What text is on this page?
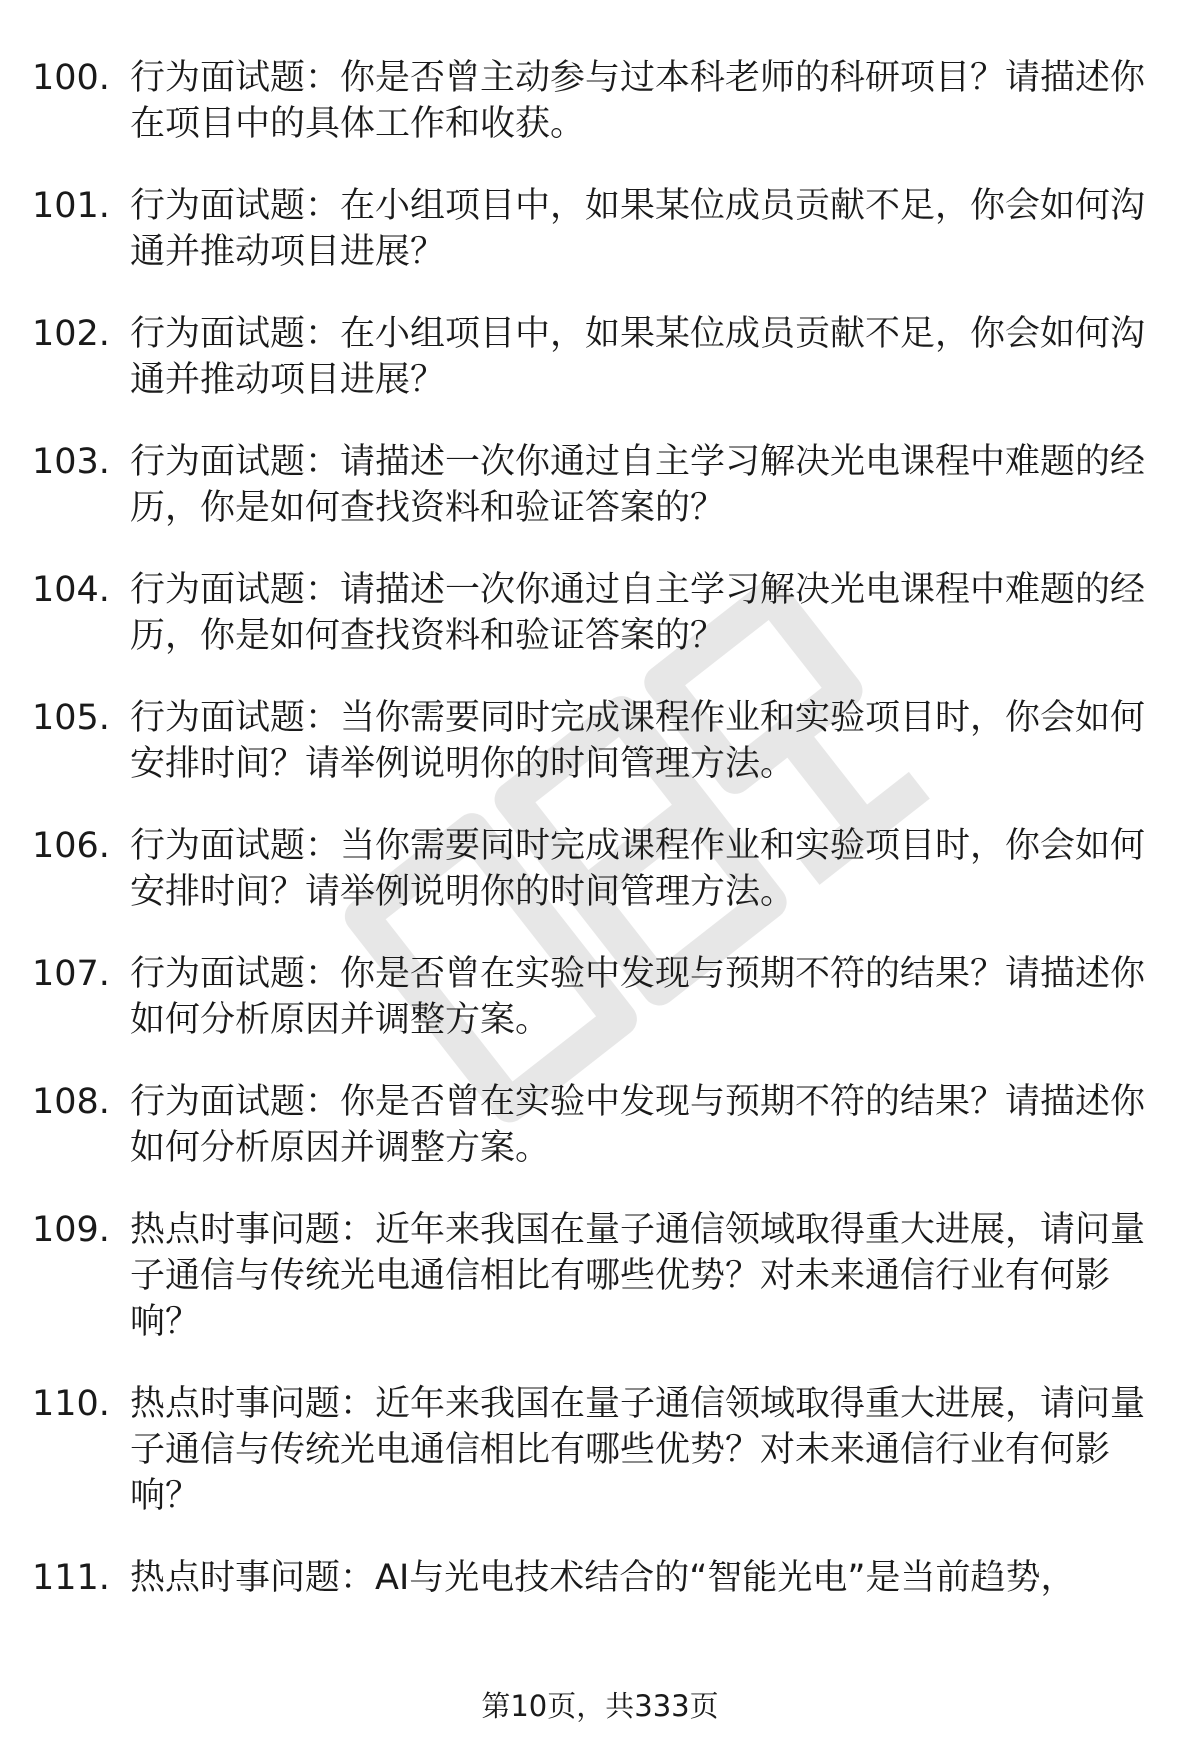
100. 行为面试题：你是否曾主动参与过本科老师的科研项目？请描述你在项目中的具体工作和收获。
101. 行为面试题：在小组项目中，如果某位成员贡献不足，你会如何沟通并推动项目进展？
102. 行为面试题：在小组项目中，如果某位成员贡献不足，你会如何沟通并推动项目进展？
103. 行为面试题：请描述一次你通过自主学习解决光电课程中难题的经历，你是如何查找资料和验证答案的？
104. 行为面试题：请描述一次你通过自主学习解决光电课程中难题的经历，你是如何查找资料和验证答案的？
105. 行为面试题：当你需要同时完成课程作业和实验项目时，你会如何安排时间？请举例说明你的时间管理方法。
106. 行为面试题：当你需要同时完成课程作业和实验项目时，你会如何安排时间？请举例说明你的时间管理方法。
107. 行为面试题：你是否曾在实验中发现与预期不符的结果？请描述你如何分析原因并调整方案。
108. 行为面试题：你是否曾在实验中发现与预期不符的结果？请描述你如何分析原因并调整方案。
109. 热点时事问题：近年来我国在量子通信领域取得重大进展，请问量子通信与传统光电通信相比有哪些优势？对未来通信行业有何影响？
110. 热点时事问题：近年来我国在量子通信领域取得重大进展，请问量子通信与传统光电通信相比有哪些优势？对未来通信行业有何影响？
111. 热点时事问题：AI与光电技术结合的“智能光电”是当前趋势，
第10页，共333页
